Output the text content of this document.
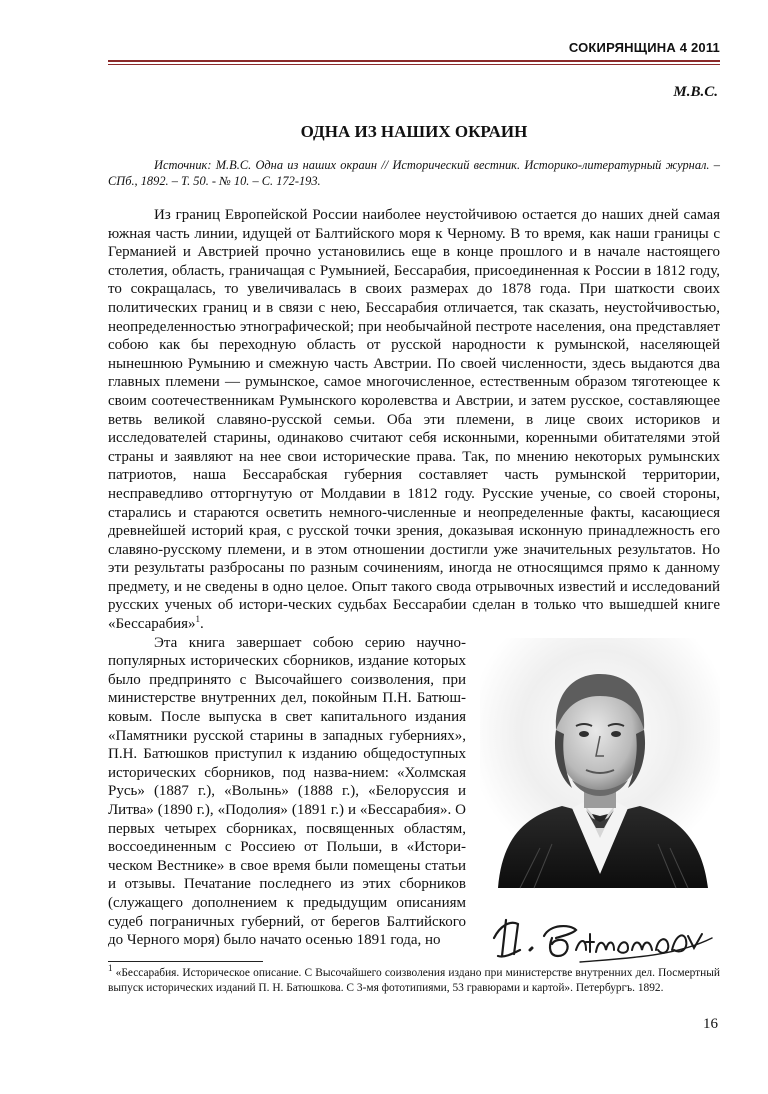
СОКИРЯНЩИНА 4 2011
М.В.С.
ОДНА ИЗ НАШИХ ОКРАИН
Источник: М.В.С. Одна из наших окраин // Исторический вестник. Историко-литературный журнал. – СПб., 1892. – Т. 50. - № 10. – С. 172-193.

Из границ Европейской России наиболее неустойчивою остается до наших дней самая южная часть линии, идущей от Балтийского моря к Черному. В то время, как наши границы с Германией и Австрией прочно установились еще в конце прошлого и в начале настоящего столетия, область, граничащая с Румынией, Бессарабия, присоединенная к России в 1812 году, то сокращалась, то увеличивалась в своих размерах до 1878 года. При шаткости своих политических границ и в связи с нею, Бессарабия отличается, так сказать, неустойчивостью, неопределенностью этнографической; при необычайной пестроте населения, она представляет собою как бы переходную область от русской народности к румынской, населяющей нынешнюю Румынию и смежную часть Австрии. По своей численности, здесь выдаются два главных племени — румынское, самое многочисленное, естественным образом тяготеющее к своим соотечественникам Румынского королевства и Австрии, и затем русское, составляющее ветвь великой славяно-русской семьи. Оба эти племени, в лице своих историков и исследователей старины, одинаково считают себя исконными, коренными обитателями этой страны и заявляют на нее свои исторические права. Так, по мнению некоторых румынских патриотов, наша Бессарабская губерния составляет часть румынской территории, несправедливо отторгнутую от Молдавии в 1812 году. Русские ученые, со своей стороны, старались и стараются осветить немного-численные и неопределенные факты, касающиеся древнейшей историй края, с русской точки зрения, доказывая исконную принадлежность его славяно-русскому племени, и в этом отношении достигли уже значительных результатов. Но эти результаты разбросаны по разным сочинениям, иногда не относящимся прямо к данному предмету, и не сведены в одно целое. Опыт такого свода отрывочных известий и исследований русских ученых об истори-ческих судьбах Бессарабии сделан в только что вышедшей книге «Бессарабия»$^1$.

Эта книга завершает собою серию научно-популярных исторических сборников, издание которых было предпринято с Высочайшего соизволения, при министерстве внутренних дел, покойным П.Н. Батюш-ковым. После выпуска в свет капитального издания «Памятники русской старины в западных губерниях», П.Н. Батюшков приступил к изданию общедоступных исторических сборников, под назва-нием: «Холмская Русь» (1887 г.), «Волынь» (1888 г.), «Белоруссия и Литва» (1890 г.), «Подолия» (1891 г.) и «Бессарабия». О первых четырех сборниках, посвященных областям, воссоединенным с Россиею от Польши, в «Истори-ческом Вестнике» в свое время были помещены статьи и отзывы. Печатание последнего из этих сборников (служащего дополнением к предыдущим описаниям судеб пограничных губерний, от берегов Балтийского до Черного моря) было начато осенью 1891 года, но

$^1$ «Бессарабия. Историческое описание. С Высочайшего соизволения издано при министерстве внутренних дел. Посмертный выпуск исторических изданий П. Н. Батюшкова. С 3-мя фототипиями, 53 гравюрами и картой». Петербургъ. 1892.
16
